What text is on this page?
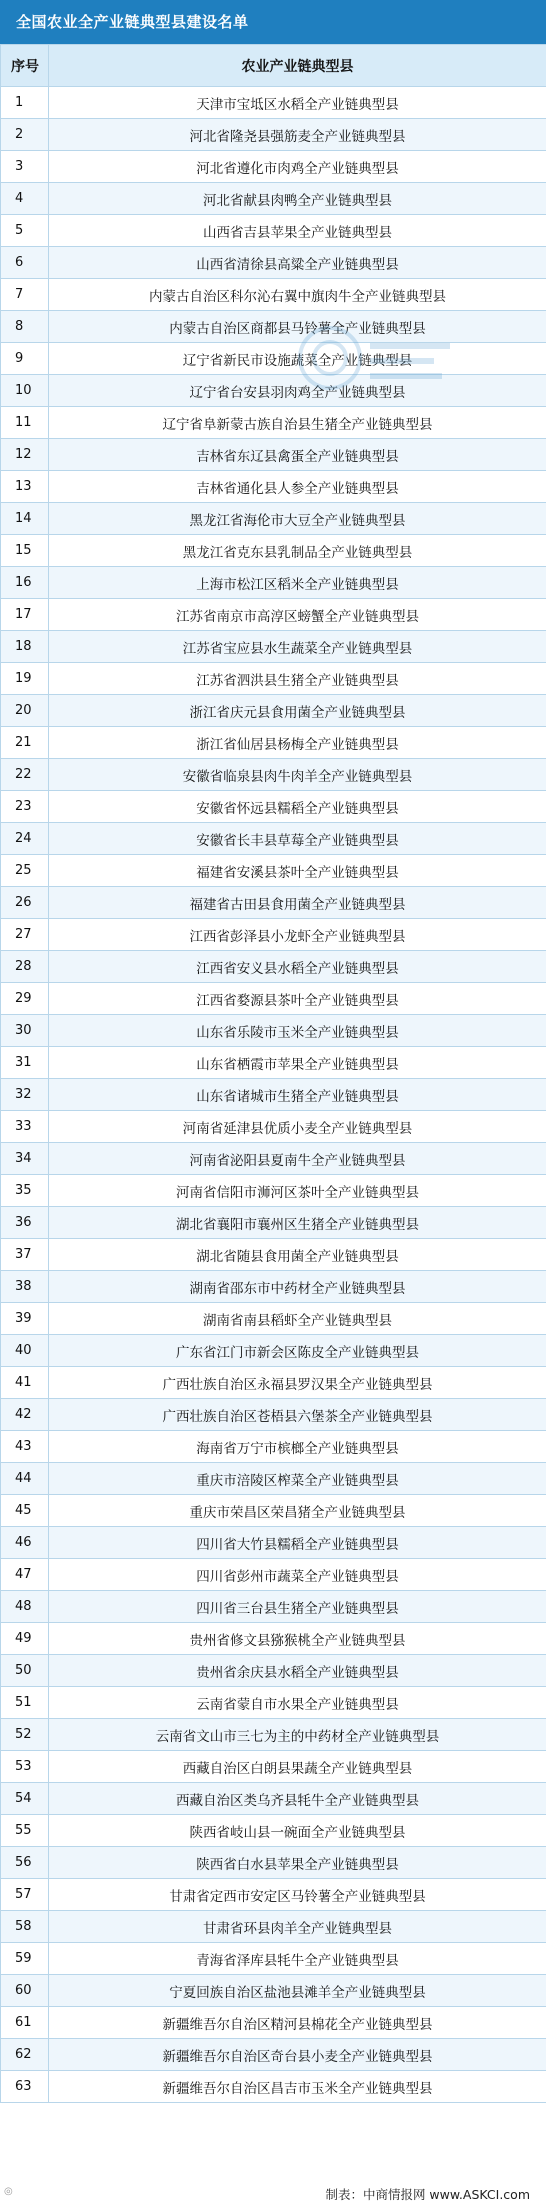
全国农业全产业链典型县建设名单
序号	农业产业链典型县
1	天津市宝坻区水稻全产业链典型县
2	河北省隆尧县强筋麦全产业链典型县
3	河北省遵化市肉鸡全产业链典型县
4	河北省献县肉鸭全产业链典型县
5	山西省吉县苹果全产业链典型县
6	山西省清徐县高粱全产业链典型县
7	内蒙古自治区科尔沁右翼中旗肉牛全产业链典型县
8	内蒙古自治区商都县马铃薯全产业链典型县
9	辽宁省新民市设施蔬菜全产业链典型县
10	辽宁省台安县羽肉鸡全产业链典型县
11	辽宁省阜新蒙古族自治县生猪全产业链典型县
12	吉林省东辽县禽蛋全产业链典型县
13	吉林省通化县人参全产业链典型县
14	黑龙江省海伦市大豆全产业链典型县
15	黑龙江省克东县乳制品全产业链典型县
16	上海市松江区稻米全产业链典型县
17	江苏省南京市高淳区螃蟹全产业链典型县
18	江苏省宝应县水生蔬菜全产业链典型县
19	江苏省泗洪县生猪全产业链典型县
20	浙江省庆元县食用菌全产业链典型县
21	浙江省仙居县杨梅全产业链典型县
22	安徽省临泉县肉牛肉羊全产业链典型县
23	安徽省怀远县糯稻全产业链典型县
24	安徽省长丰县草莓全产业链典型县
25	福建省安溪县茶叶全产业链典型县
26	福建省古田县食用菌全产业链典型县
27	江西省彭泽县小龙虾全产业链典型县
28	江西省安义县水稻全产业链典型县
29	江西省婺源县茶叶全产业链典型县
30	山东省乐陵市玉米全产业链典型县
31	山东省栖霞市苹果全产业链典型县
32	山东省诸城市生猪全产业链典型县
33	河南省延津县优质小麦全产业链典型县
34	河南省泌阳县夏南牛全产业链典型县
35	河南省信阳市浉河区茶叶全产业链典型县
36	湖北省襄阳市襄州区生猪全产业链典型县
37	湖北省随县食用菌全产业链典型县
38	湖南省邵东市中药材全产业链典型县
39	湖南省南县稻虾全产业链典型县
40	广东省江门市新会区陈皮全产业链典型县
41	广西壮族自治区永福县罗汉果全产业链典型县
42	广西壮族自治区苍梧县六堡茶全产业链典型县
43	海南省万宁市槟榔全产业链典型县
44	重庆市涪陵区榨菜全产业链典型县
45	重庆市荣昌区荣昌猪全产业链典型县
46	四川省大竹县糯稻全产业链典型县
47	四川省彭州市蔬菜全产业链典型县
48	四川省三台县生猪全产业链典型县
49	贵州省修文县猕猴桃全产业链典型县
50	贵州省余庆县水稻全产业链典型县
51	云南省蒙自市水果全产业链典型县
52	云南省文山市三七为主的中药材全产业链典型县
53	西藏自治区白朗县果蔬全产业链典型县
54	西藏自治区类乌齐县牦牛全产业链典型县
55	陕西省岐山县一碗面全产业链典型县
56	陕西省白水县苹果全产业链典型县
57	甘肃省定西市安定区马铃薯全产业链典型县
58	甘肃省环县肉羊全产业链典型县
59	青海省泽库县牦牛全产业链典型县
60	宁夏回族自治区盐池县滩羊全产业链典型县
61	新疆维吾尔自治区精河县棉花全产业链典型县
62	新疆维吾尔自治区奇台县小麦全产业链典型县
63	新疆维吾尔自治区昌吉市玉米全产业链典型县
◎	制表：中商情报网 www.ASKCI.com
